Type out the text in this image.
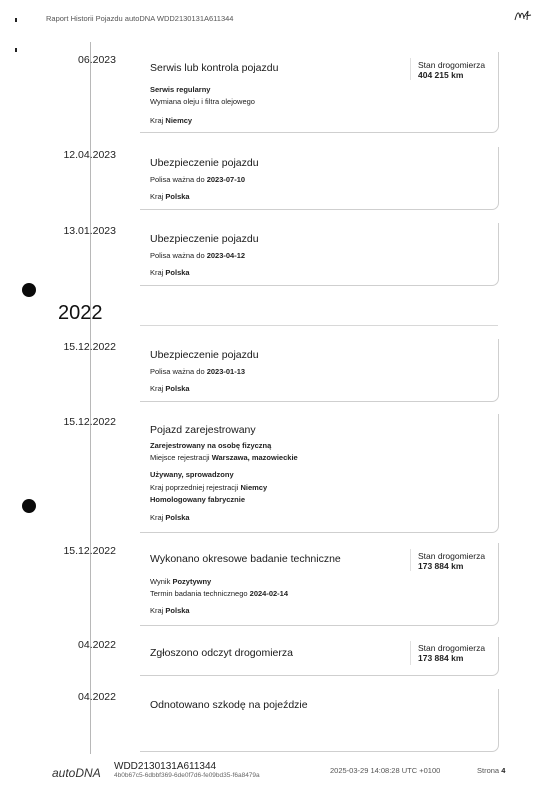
Raport Historii Pojazdu autoDNA WDD2130131A611344
06.2023
Serwis lub kontrola pojazdu
Serwis regularny
Wymiana oleju i filtra olejowego
Kraj Niemcy
Stan drogomierza
404 215 km
12.04.2023
Ubezpieczenie pojazdu
Polisa ważna do 2023-07-10
Kraj Polska
13.01.2023
Ubezpieczenie pojazdu
Polisa ważna do 2023-04-12
Kraj Polska
2022
15.12.2022
Ubezpieczenie pojazdu
Polisa ważna do 2023-01-13
Kraj Polska
15.12.2022
Pojazd zarejestrowany
Zarejestrowany na osobę fizyczną
Miejsce rejestracji Warszawa, mazowieckie
Używany, sprowadzony
Kraj poprzedniej rejestracji Niemcy
Homologowany fabrycznie
Kraj Polska
15.12.2022
Wykonano okresowe badanie techniczne
Wynik Pozytywny
Termin badania technicznego 2024-02-14
Kraj Polska
Stan drogomierza
173 884 km
04.2022
Zgłoszono odczyt drogomierza	Stan drogomierza
173 884 km
04.2022
Odnotowano szkodę na pojeździe
autoDNA WDD2130131A611344
4b0b67c5-6dbbf369-6de0f7d6-fe09bd35-f6a8479a
2025-03-29 14:08:28 UTC +0100	Strona 4
